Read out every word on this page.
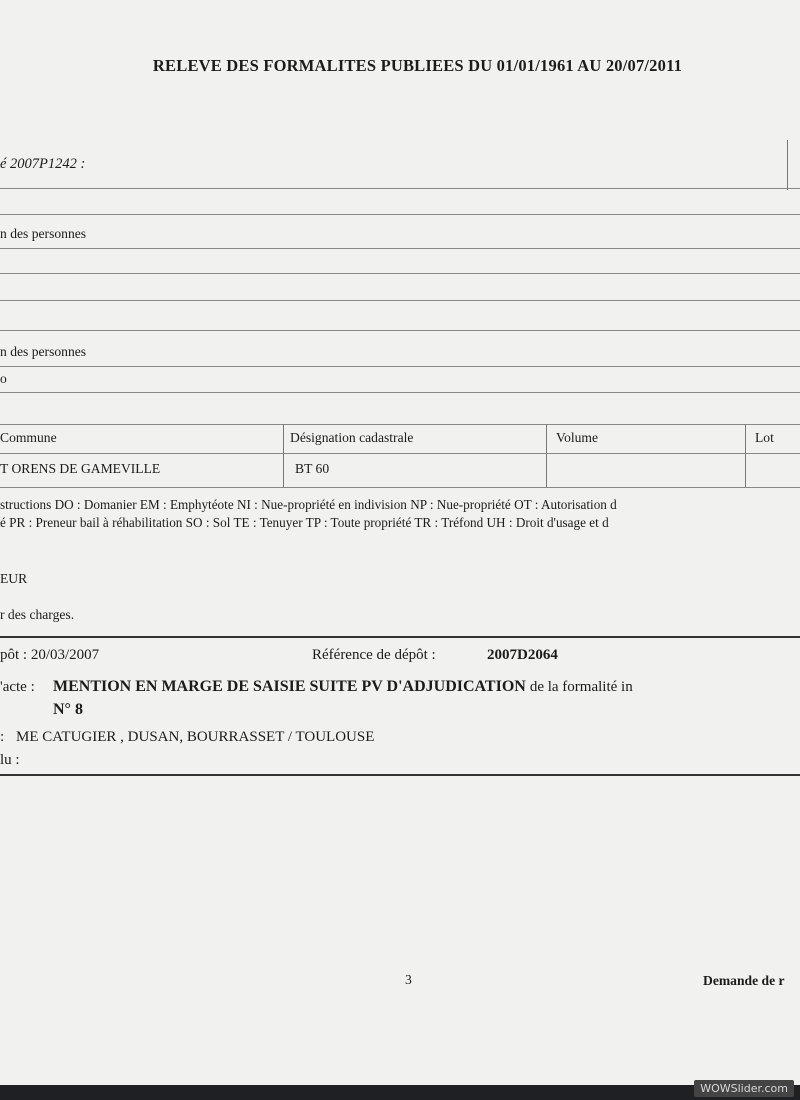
RELEVE DES FORMALITES PUBLIEES DU 01/01/1961 AU 20/07/2011
é 2007P1242 :
n des personnes
n des personnes
o
Commune	Désignation cadastrale	Volume	Lot
T ORENS DE GAMEVILLE	BT 60
structions DO : Domanier EM : Emphytéote NI : Nue-propriété en indivision NP : Nue-propriété OT : Autorisation d
é PR : Preneur bail à réhabilitation SO : Sol TE : Tenuyer TP : Toute propriété TR : Tréfond UH : Droit d'usage et d
EUR
r des charges.
pôt : 20/03/2007	Référence de dépôt :	2007D2064
'acte : MENTION EN MARGE DE SAISIE SUITE PV D'ADJUDICATION de la formalité in
N° 8
: ME CATUGIER , DUSAN, BOURRASSET / TOULOUSE
lu :
3	Demande de r
WOWSlider.com
